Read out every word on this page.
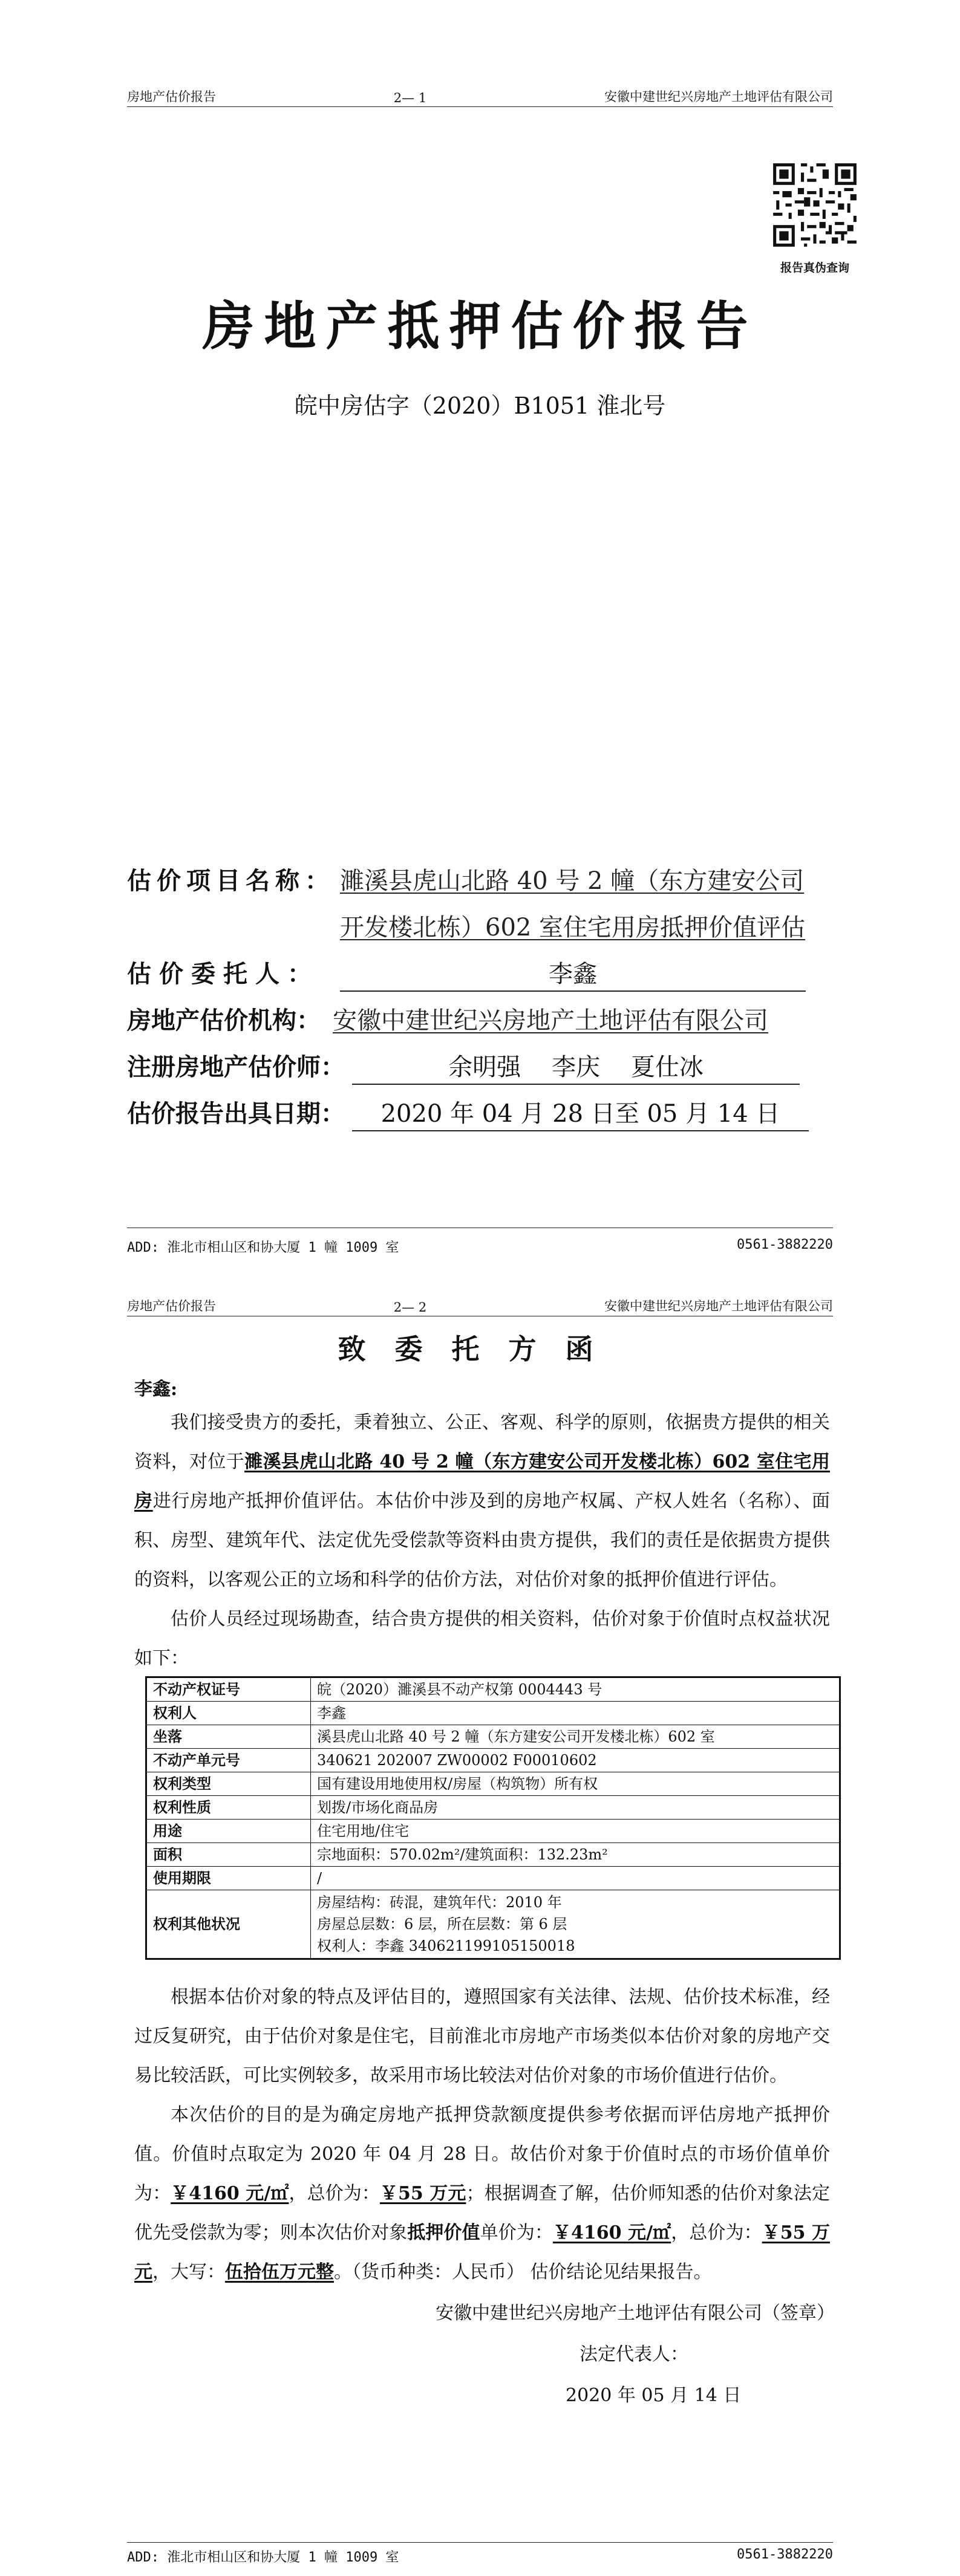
房地产估价报告	2— 1	安徽中建世纪兴房地产土地评估有限公司
报告真伪查询
房地产抵押估价报告
皖中房估字（2020）B1051 淮北号
估价项目名称： 濉溪县虎山北路 40 号 2 幢（东方建安公司
开发楼北栋）602 室住宅用房抵押价值评估
估价委托人：	李鑫
房地产估价机构： 安徽中建世纪兴房地产土地评估有限公司
注册房地产估价师：	余明强    李庆    夏仕冰
估价报告出具日期：	2020 年 04 月 28 日至 05 月 14 日
ADD: 淮北市相山区和协大厦 1 幢 1009 室	0561-3882220
房地产估价报告	2— 2	安徽中建世纪兴房地产土地评估有限公司
ADD: 淮北市相山区和协大厦 1 幢 1009 室	0561-3882220
致委托方函
李鑫:

我们接受贵方的委托，秉着独立、公正、客观、科学的原则，依据贵方提供的相关资料，对位于濉溪县虎山北路 40 号 2 幢（东方建安公司开发楼北栋）602 室住宅用房进行房地产抵押价值评估。本估价中涉及到的房地产权属、产权人姓名（名称）、面积、房型、建筑年代、法定优先受偿款等资料由贵方提供，我们的责任是依据贵方提供的资料，以客观公正的立场和科学的估价方法，对估价对象的抵押价值进行评估。

估价人员经过现场勘查，结合贵方提供的相关资料，估价对象于价值时点权益状况如下：

不动产权证号	皖（2020）濉溪县不动产权第 0004443 号
权利人	李鑫
坐落	溪县虎山北路 40 号 2 幢（东方建安公司开发楼北栋）602 室
不动产单元号	340621 202007 ZW00002 F00010602
权利类型	国有建设用地使用权/房屋（构筑物）所有权
权利性质	划拨/市场化商品房
用途	住宅用地/住宅
面积	宗地面积：570.02m²/建筑面积：132.23m²
使用期限	/
权利其他状况	房屋结构：砖混，建筑年代：2010 年
房屋总层数：6 层，所在层数：第 6 层
权利人：李鑫 340621199105150018

根据本估价对象的特点及评估目的，遵照国家有关法律、法规、估价技术标准，经过反复研究，由于估价对象是住宅，目前淮北市房地产市场类似本估价对象的房地产交易比较活跃，可比实例较多，故采用市场比较法对估价对象的市场价值进行估价。

本次估价的目的是为确定房地产抵押贷款额度提供参考依据而评估房地产抵押价值。价值时点取定为 2020 年 04 月 28 日。故估价对象于价值时点的市场价值单价为：￥4160 元/㎡，总价为：￥55 万元；根据调查了解，估价师知悉的估价对象法定优先受偿款为零；则本次估价对象抵押价值单价为：￥4160 元/㎡，总价为：￥55 万元，大写：伍拾伍万元整。（货币种类：人民币） 估价结论见结果报告。

安徽中建世纪兴房地产土地评估有限公司（签章）
法定代表人：
2020 年 05 月 14 日
